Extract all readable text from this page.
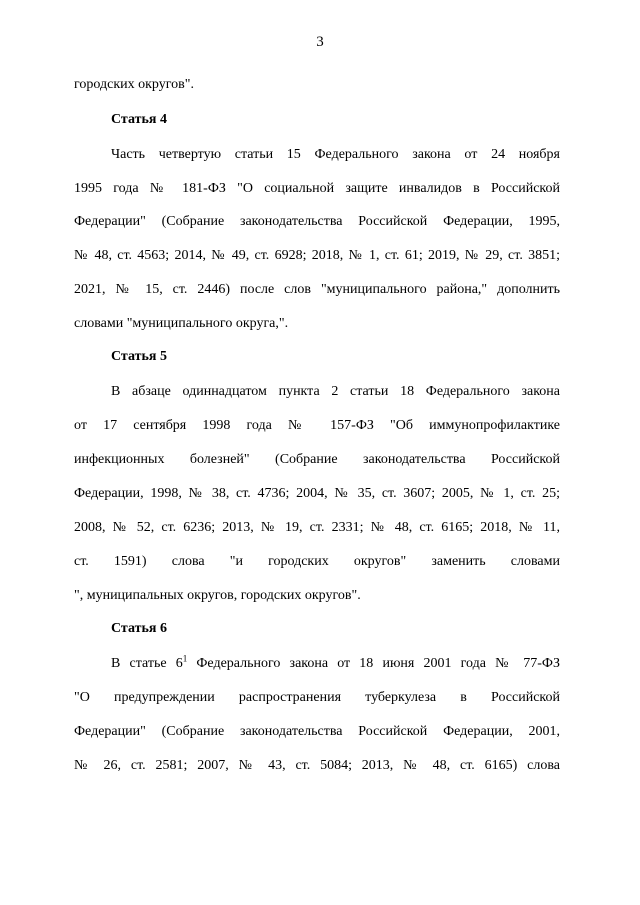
3
городских округов".
Статья 4
Часть четвертую статьи 15 Федерального закона от 24 ноября
1995 года № 181-ФЗ "О социальной защите инвалидов в Российской
Федерации" (Собрание законодательства Российской Федерации, 1995,
№ 48, ст. 4563; 2014, № 49, ст. 6928; 2018, № 1, ст. 61; 2019, № 29, ст. 3851;
2021, № 15, ст. 2446) после слов "муниципального района," дополнить
словами "муниципального округа,".
Статья 5
В абзаце одиннадцатом пункта 2 статьи 18 Федерального закона
от 17 сентября 1998 года № 157-ФЗ "Об иммунопрофилактике
инфекционных болезней" (Собрание законодательства Российской
Федерации, 1998, № 38, ст. 4736; 2004, № 35, ст. 3607; 2005, № 1, ст. 25;
2008, № 52, ст. 6236; 2013, № 19, ст. 2331; № 48, ст. 6165; 2018, № 11,
ст. 1591) слова "и городских округов" заменить словами
", муниципальных округов, городских округов".
Статья 6
В статье $6^1$ Федерального закона от 18 июня 2001 года № 77-ФЗ
"О предупреждении распространения туберкулеза в Российской
Федерации" (Собрание законодательства Российской Федерации, 2001,
№ 26, ст. 2581; 2007, № 43, ст. 5084; 2013, № 48, ст. 6165) слова
